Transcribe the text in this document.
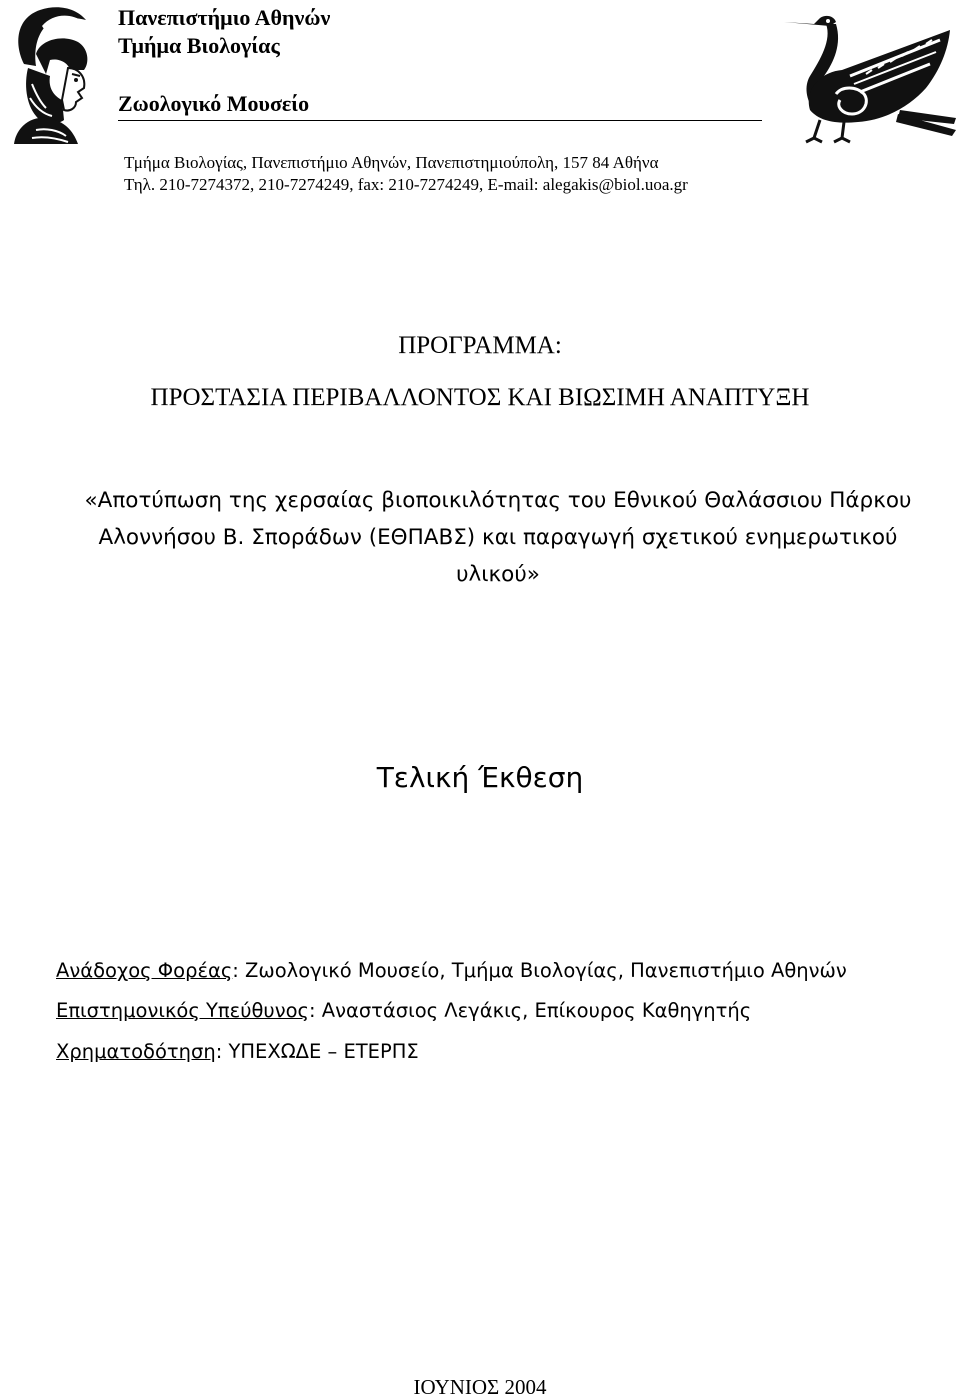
Πανεπιστήμιο Αθηνών
Τμήμα Βιολογίας
Ζωολογικό Μουσείο
Τμήμα Βιολογίας, Πανεπιστήμιο Αθηνών, Πανεπιστημιούπολη, 157 84 Αθήνα
Τηλ. 210-7274372, 210-7274249, fax: 210-7274249, E-mail: alegakis@biol.uoa.gr
ΠΡΟΓΡΑΜΜΑ:
ΠΡΟΣΤΑΣΙΑ ΠΕΡΙΒΑΛΛΟΝΤΟΣ ΚΑΙ ΒΙΩΣΙΜΗ ΑΝΑΠΤΥΞΗ
«Αποτύπωση της χερσαίας βιοποικιλότητας του Εθνικού Θαλάσσιου Πάρκου Αλοννήσου Β. Σποράδων (ΕΘΠΑΒΣ) και παραγωγή σχετικού ενημερωτικού υλικού»
Τελική Έκθεση
Ανάδοχος Φορέας: Ζωολογικό Μουσείο, Τμήμα Βιολογίας, Πανεπιστήμιο Αθηνών
Επιστημονικός Υπεύθυνος: Αναστάσιος Λεγάκις, Επίκουρος Καθηγητής
Χρηματοδότηση: ΥΠΕΧΩΔΕ – ΕΤΕΡΠΣ
ΙΟΥΝΙΟΣ 2004
